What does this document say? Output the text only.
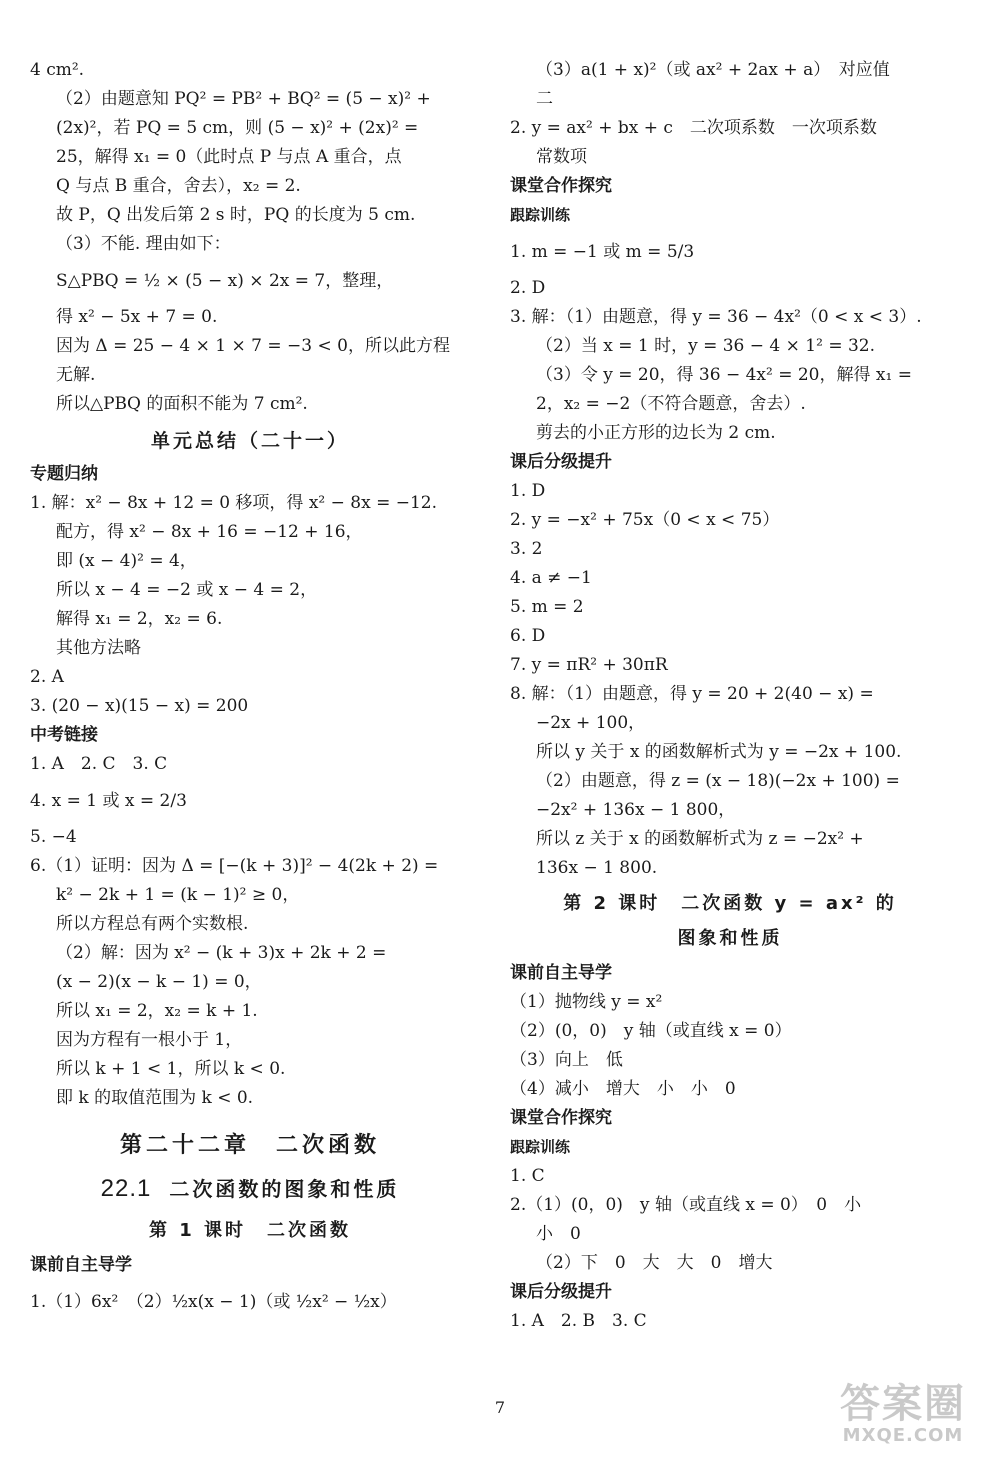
4 cm².
（2）由题意知 PQ² = PB² + BQ² = (5 − x)² +
(2x)²，若 PQ = 5 cm，则 (5 − x)² + (2x)² =
25，解得 x₁ = 0（此时点 P 与点 A 重合，点
Q 与点 B 重合，舍去），x₂ = 2.
故 P，Q 出发后第 2 s 时，PQ 的长度为 5 cm.
（3）不能. 理由如下：
S△PBQ = ½ × (5 − x) × 2x = 7，整理，
得 x² − 5x + 7 = 0.
因为 Δ = 25 − 4 × 1 × 7 = −3 < 0，所以此方程
无解.
所以△PBQ 的面积不能为 7 cm².
单元总结（二十一）
专题归纳
1. 解：x² − 8x + 12 = 0 移项，得 x² − 8x = −12.
配方，得 x² − 8x + 16 = −12 + 16，
即 (x − 4)² = 4，
所以 x − 4 = −2 或 x − 4 = 2，
解得 x₁ = 2，x₂ = 6.
其他方法略
2. A
3. (20 − x)(15 − x) = 200
中考链接
1. A　2. C　3. C
4. x = 1 或 x = 2/3
5. −4
6.（1）证明：因为 Δ = [−(k + 3)]² − 4(2k + 2) =
k² − 2k + 1 = (k − 1)² ≥ 0，
所以方程总有两个实数根.
（2）解：因为 x² − (k + 3)x + 2k + 2 =
(x − 2)(x − k − 1) = 0，
所以 x₁ = 2，x₂ = k + 1.
因为方程有一根小于 1，
所以 k + 1 < 1，所以 k < 0.
即 k 的取值范围为 k < 0.
第二十二章　二次函数
22.1 二次函数的图象和性质
第 1 课时　二次函数
课前自主导学
1.（1）6x²　（2）½x(x − 1)（或 ½x² − ½x）
（3）a(1 + x)²（或 ax² + 2ax + a）　对应值
二
2. y = ax² + bx + c　二次项系数　一次项系数
常数项
课堂合作探究
跟踪训练
1. m = −1 或 m = 5/3
2. D
3. 解：（1）由题意，得 y = 36 − 4x²（0 < x < 3）.
（2）当 x = 1 时，y = 36 − 4 × 1² = 32.
（3）令 y = 20，得 36 − 4x² = 20，解得 x₁ =
2，x₂ = −2（不符合题意，舍去）.
剪去的小正方形的边长为 2 cm.
课后分级提升
1. D
2. y = −x² + 75x（0 < x < 75）
3. 2
4. a ≠ −1
5. m = 2
6. D
7. y = πR² + 30πR
8. 解：（1）由题意，得 y = 20 + 2(40 − x) =
−2x + 100，
所以 y 关于 x 的函数解析式为 y = −2x + 100.
（2）由题意，得 z = (x − 18)(−2x + 100) =
−2x² + 136x − 1 800，
所以 z 关于 x 的函数解析式为 z = −2x² +
136x − 1 800.
第 2 课时　二次函数 y = ax² 的
图象和性质
课前自主导学
（1）抛物线 y = x²
（2）(0，0)　y 轴（或直线 x = 0）
（3）向上　低
（4）减小　增大　小　小　0
课堂合作探究
跟踪训练
1. C
2.（1）(0，0)　y 轴（或直线 x = 0）　0　小
小　0
（2）下　0　大　大　0　增大
课后分级提升
1. A　2. B　3. C
7	答案圈
MXQE.COM
